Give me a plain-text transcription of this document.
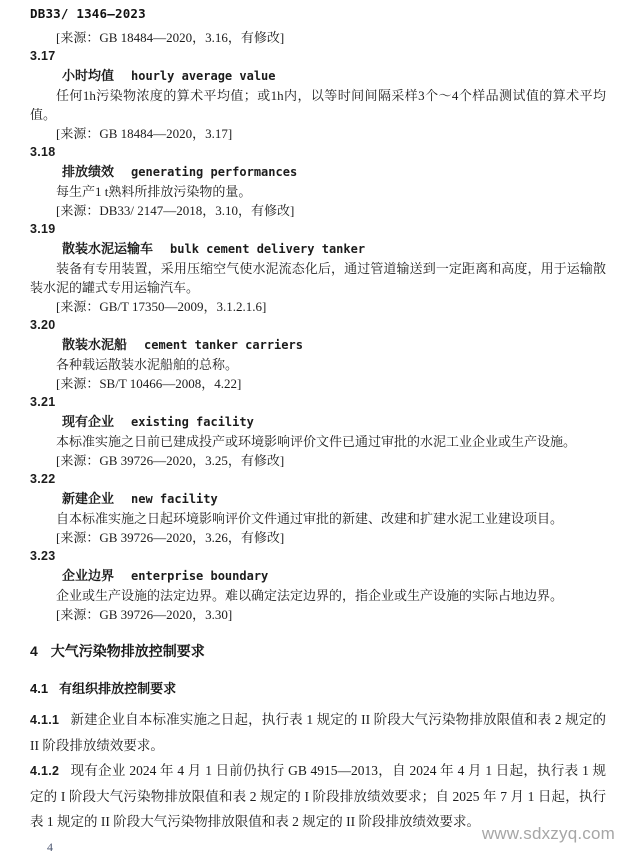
DB33/ 1346—2023

[来源：GB 18484—2020，3.16，有修改]

3.17

小时均值 hourly average value

任何1h污染物浓度的算术平均值；或1h内，以等时间间隔采样3个～4个样品测试值的算术平均值。

[来源：GB 18484—2020，3.17]

3.18

排放绩效 generating performances

每生产1 t熟料所排放污染物的量。

[来源：DB33/ 2147—2018，3.10，有修改]

3.19

散装水泥运输车 bulk cement delivery tanker

装备有专用装置，采用压缩空气使水泥流态化后，通过管道输送到一定距离和高度，用于运输散装水泥的罐式专用运输汽车。

[来源：GB/T 17350—2009，3.1.2.1.6]

3.20

散装水泥船 cement tanker carriers

各种载运散装水泥船舶的总称。

[来源：SB/T 10466—2008，4.22]

3.21

现有企业 existing facility

本标准实施之日前已建成投产或环境影响评价文件已通过审批的水泥工业企业或生产设施。

[来源：GB 39726—2020，3.25，有修改]

3.22

新建企业 new facility

自本标准实施之日起环境影响评价文件通过审批的新建、改建和扩建水泥工业建设项目。

[来源：GB 39726—2020，3.26，有修改]

3.23

企业边界 enterprise boundary

企业或生产设施的法定边界。难以确定法定边界的，指企业或生产设施的实际占地边界。

[来源：GB 39726—2020，3.30]

4 大气污染物排放控制要求
4.1 有组织排放控制要求

4.1.1 新建企业自本标准实施之日起，执行表 1 规定的 II 阶段大气污染物排放限值和表 2 规定的 II 阶段排放绩效要求。

4.1.2 现有企业 2024 年 4 月 1 日前仍执行 GB 4915—2013，自 2024 年 4 月 1 日起，执行表 1 规定的 I 阶段大气污染物排放限值和表 2 规定的 I 阶段排放绩效要求；自 2025 年 7 月 1 日起，执行表 1 规定的 II 阶段大气污染物排放限值和表 2 规定的 II 阶段排放绩效要求。

www.sdxzyq.com
4
